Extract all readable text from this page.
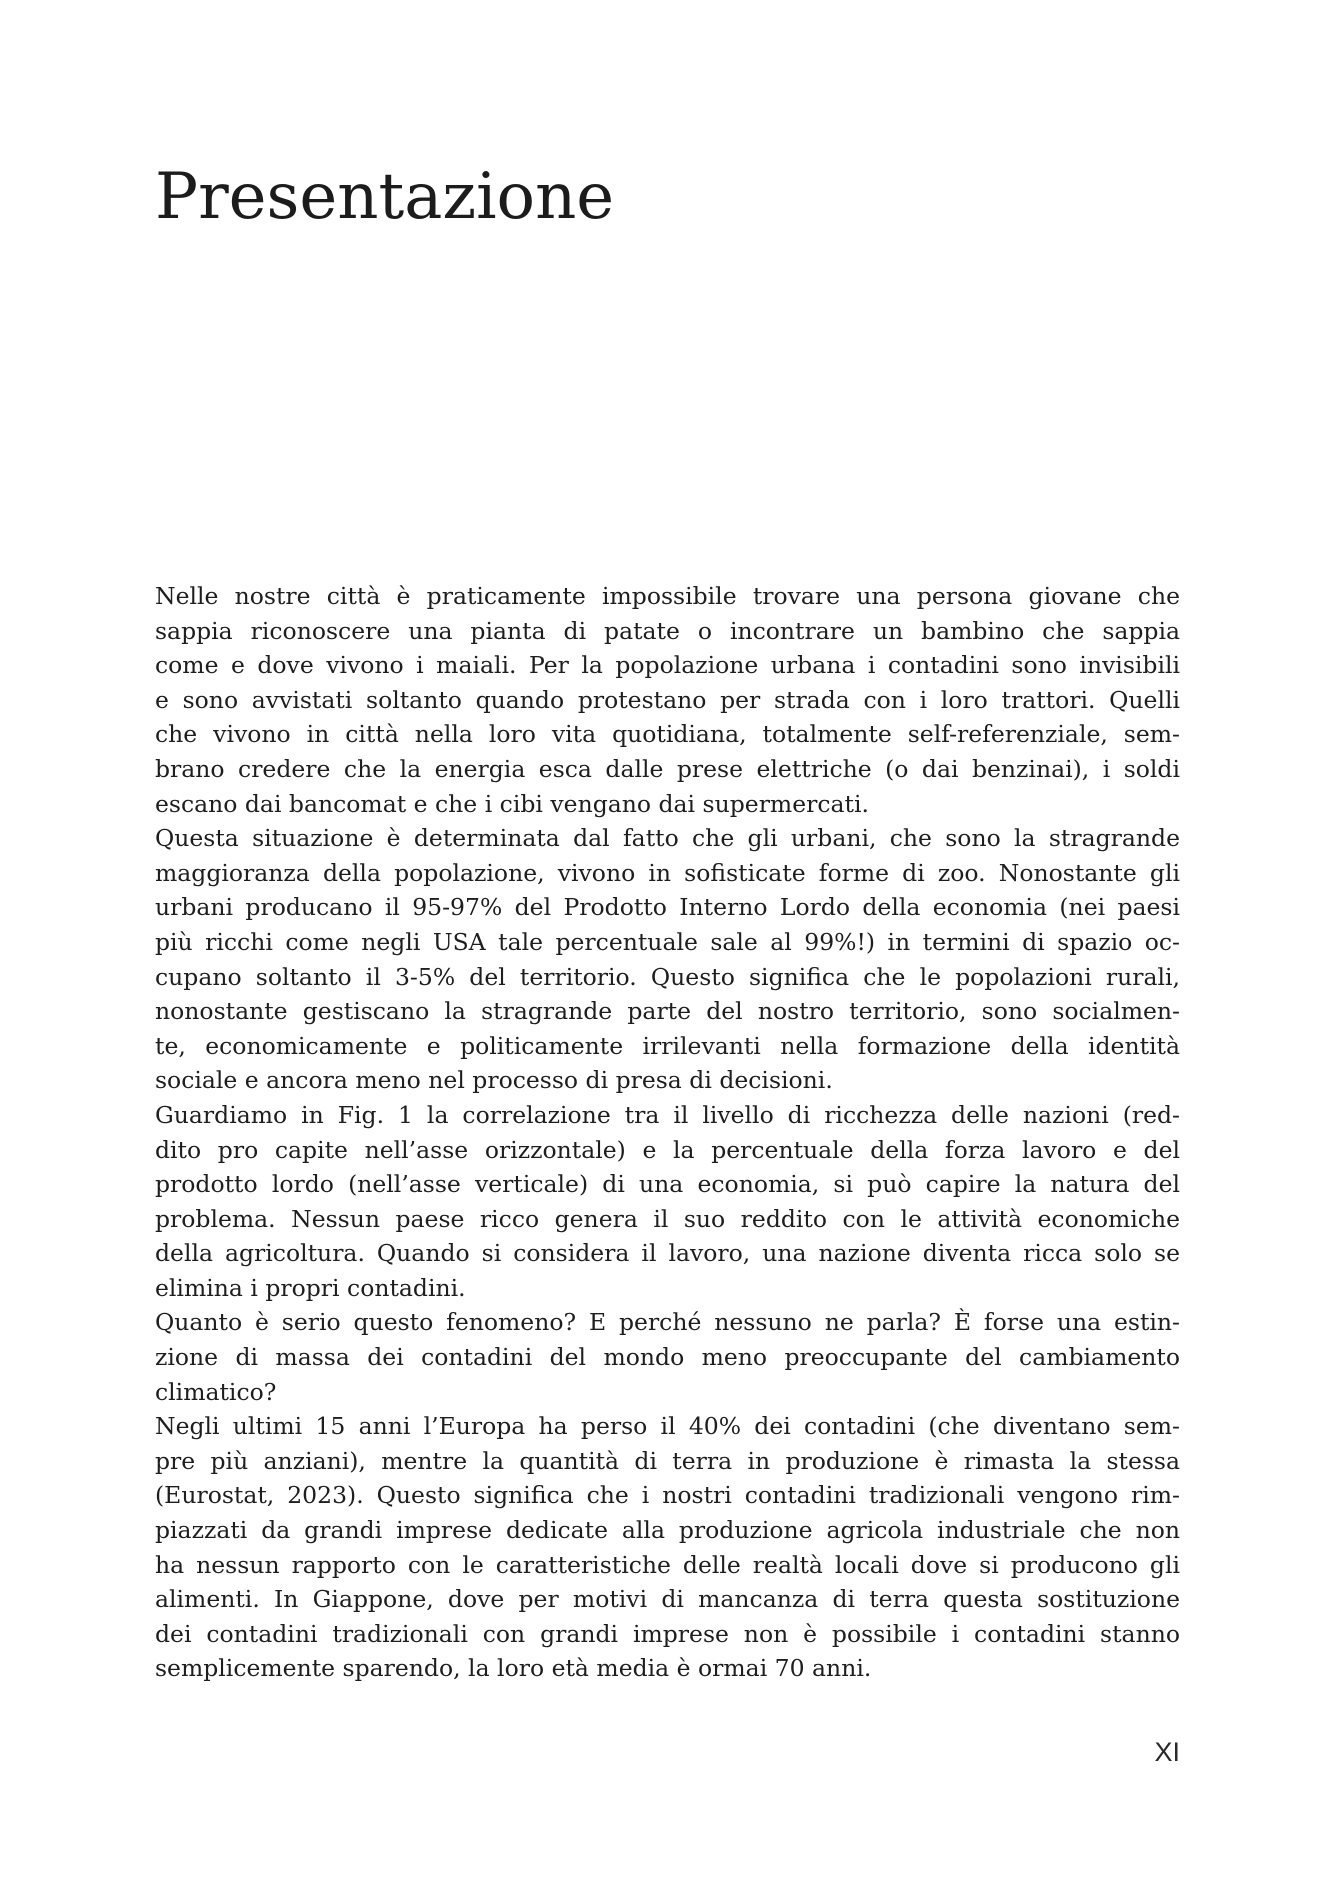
Presentazione
Nelle nostre città è praticamente impossibile trovare una persona giovane che
sappia riconoscere una pianta di patate o incontrare un bambino che sappia
come e dove vivono i maiali. Per la popolazione urbana i contadini sono invisibili
e sono avvistati soltanto quando protestano per strada con i loro trattori. Quelli
che vivono in città nella loro vita quotidiana, totalmente self-referenziale, sem-
brano credere che la energia esca dalle prese elettriche (o dai benzinai), i soldi
escano dai bancomat e che i cibi vengano dai supermercati.
Questa situazione è determinata dal fatto che gli urbani, che sono la stragrande
maggioranza della popolazione, vivono in sofisticate forme di zoo. Nonostante gli
urbani producano il 95-97% del Prodotto Interno Lordo della economia (nei paesi
più ricchi come negli USA tale percentuale sale al 99%!) in termini di spazio oc-
cupano soltanto il 3-5% del territorio. Questo significa che le popolazioni rurali,
nonostante gestiscano la stragrande parte del nostro territorio, sono socialmen-
te, economicamente e politicamente irrilevanti nella formazione della identità
sociale e ancora meno nel processo di presa di decisioni.
Guardiamo in Fig. 1 la correlazione tra il livello di ricchezza delle nazioni (red-
dito pro capite nell’asse orizzontale) e la percentuale della forza lavoro e del
prodotto lordo (nell’asse verticale) di una economia, si può capire la natura del
problema. Nessun paese ricco genera il suo reddito con le attività economiche
della agricoltura. Quando si considera il lavoro, una nazione diventa ricca solo se
elimina i propri contadini.
Quanto è serio questo fenomeno? E perché nessuno ne parla? È forse una estin-
zione di massa dei contadini del mondo meno preoccupante del cambiamento
climatico?
Negli ultimi 15 anni l’Europa ha perso il 40% dei contadini (che diventano sem-
pre più anziani), mentre la quantità di terra in produzione è rimasta la stessa
(Eurostat, 2023). Questo significa che i nostri contadini tradizionali vengono rim-
piazzati da grandi imprese dedicate alla produzione agricola industriale che non
ha nessun rapporto con le caratteristiche delle realtà locali dove si producono gli
alimenti. In Giappone, dove per motivi di mancanza di terra questa sostituzione
dei contadini tradizionali con grandi imprese non è possibile i contadini stanno
semplicemente sparendo, la loro età media è ormai 70 anni.
XI
